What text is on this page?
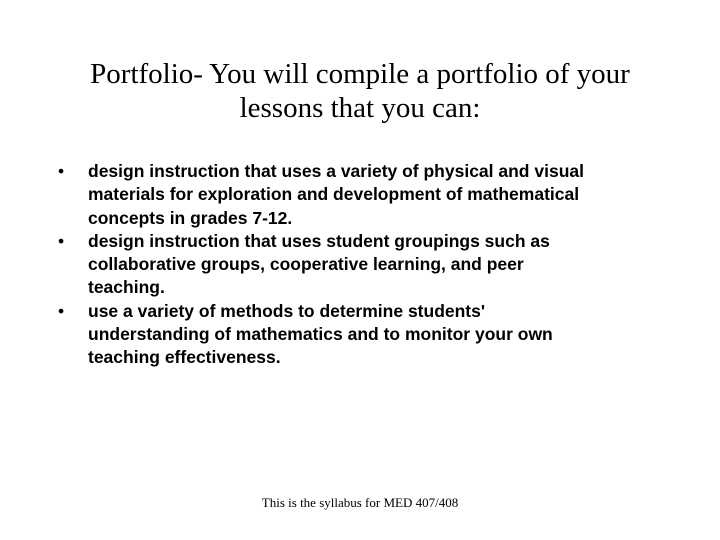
Portfolio- You will compile a portfolio of your
lessons that you can:
•	design instruction that uses a variety of physical and visual
materials for exploration and development of mathematical
concepts in grades 7-12.
•	design instruction that uses student groupings such as
collaborative groups, cooperative learning, and peer
teaching.
•	use a variety of methods to determine students'
understanding of mathematics and to monitor your own
teaching effectiveness.
This is the syllabus for MED 407/408
